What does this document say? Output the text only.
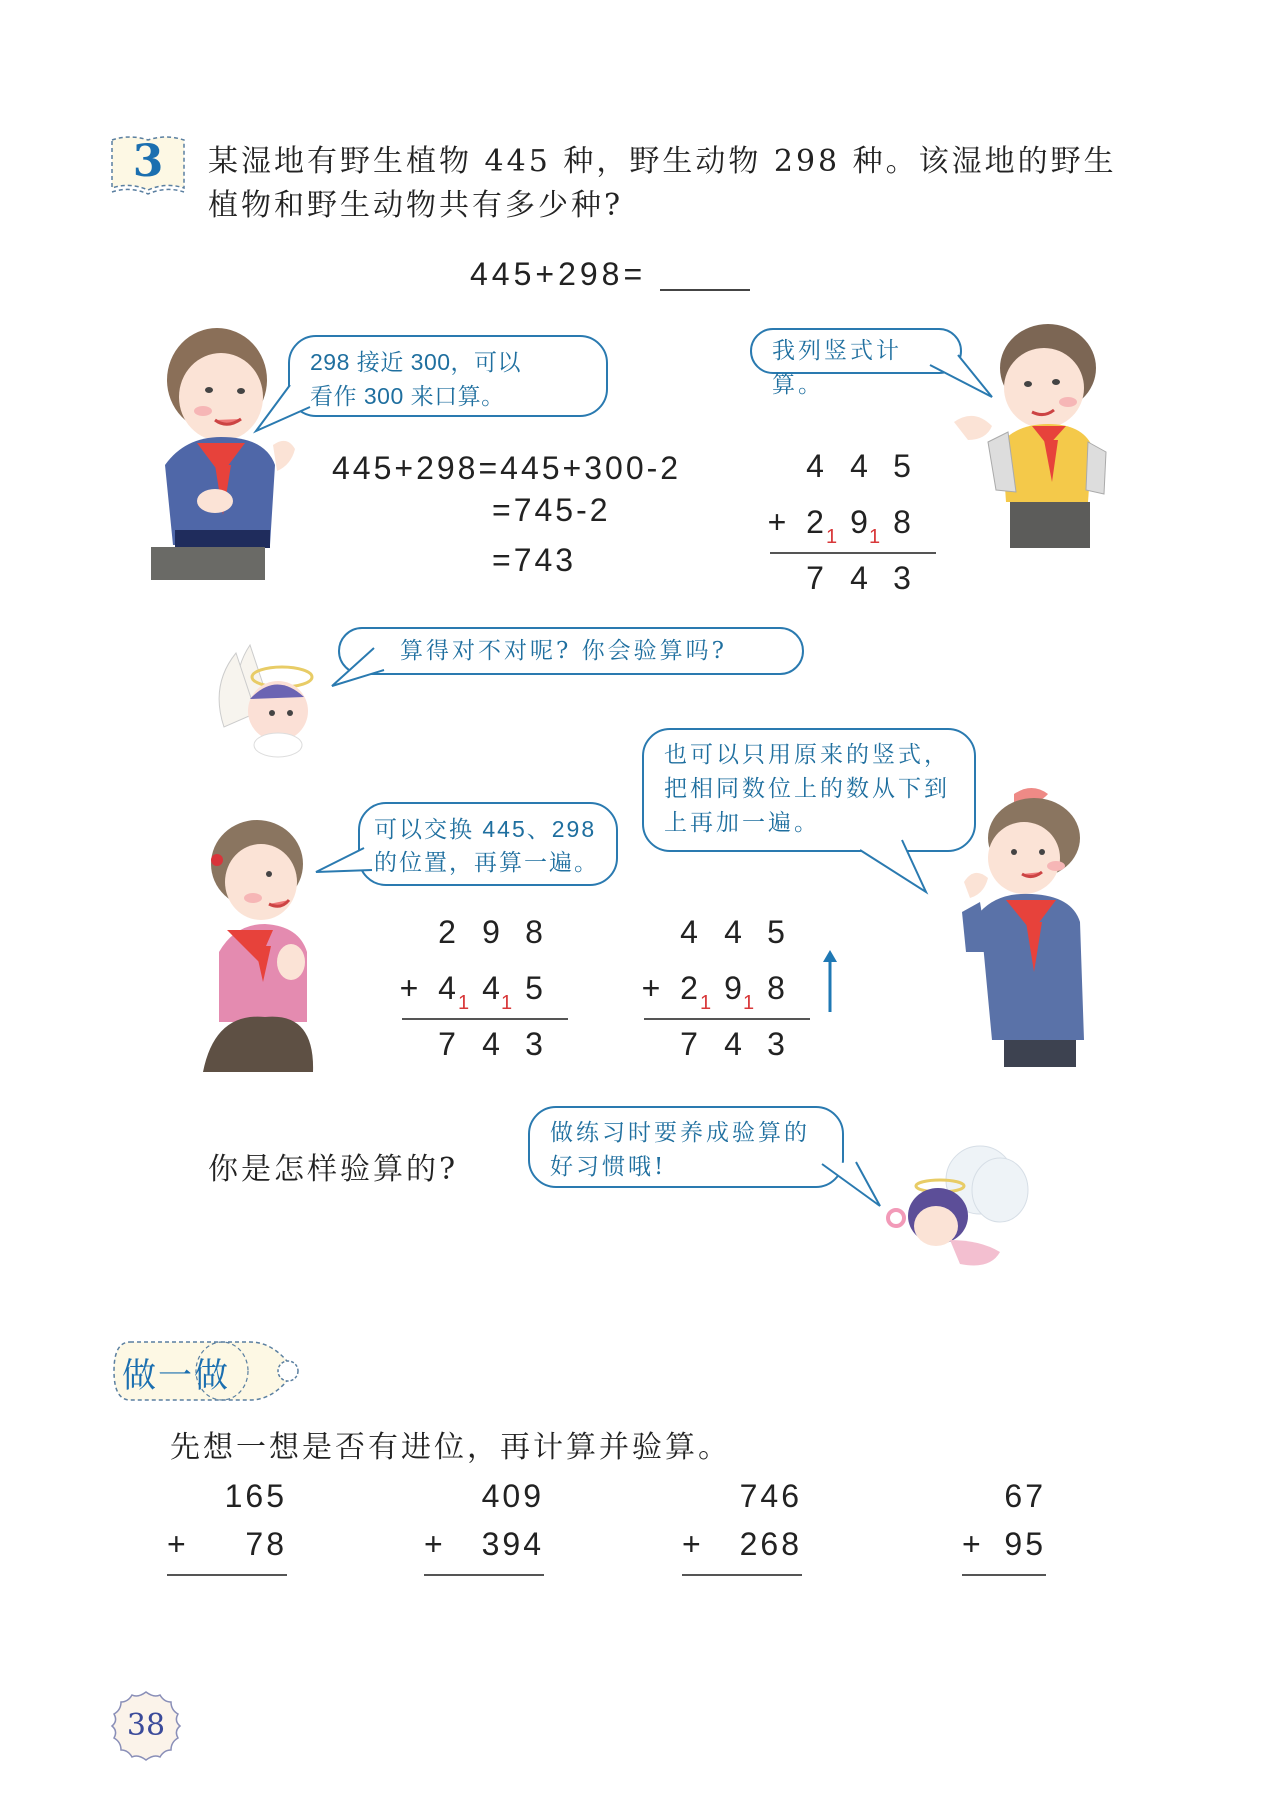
3	某湿地有野生植物 445 种，野生动物 298 种。该湿地的野生
植物和野生动物共有多少种?
445+298=
298 接近 300，可以
看作 300 来口算。
445+298=445+300-2
=745-2
=743
我列竖式计算。
4 4 5
+ 2 9 8
1 1
7 4 3
算得对不对呢? 你会验算吗?
也可以只用原来的竖式，
把相同数位上的数从下到
上再加一遍。
可以交换 445、298
的位置，再算一遍。
2 9 8
+ 4 4 5
1 1
7 4 3
4 4 5
+ 2 9 8
1 1
7 4 3
你是怎样验算的?
做练习时要养成验算的
好习惯哦!
做一做
先想一想是否有进位，再计算并验算。
165
+ 78
409
+ 394
746
+ 268
67
+ 95
38
